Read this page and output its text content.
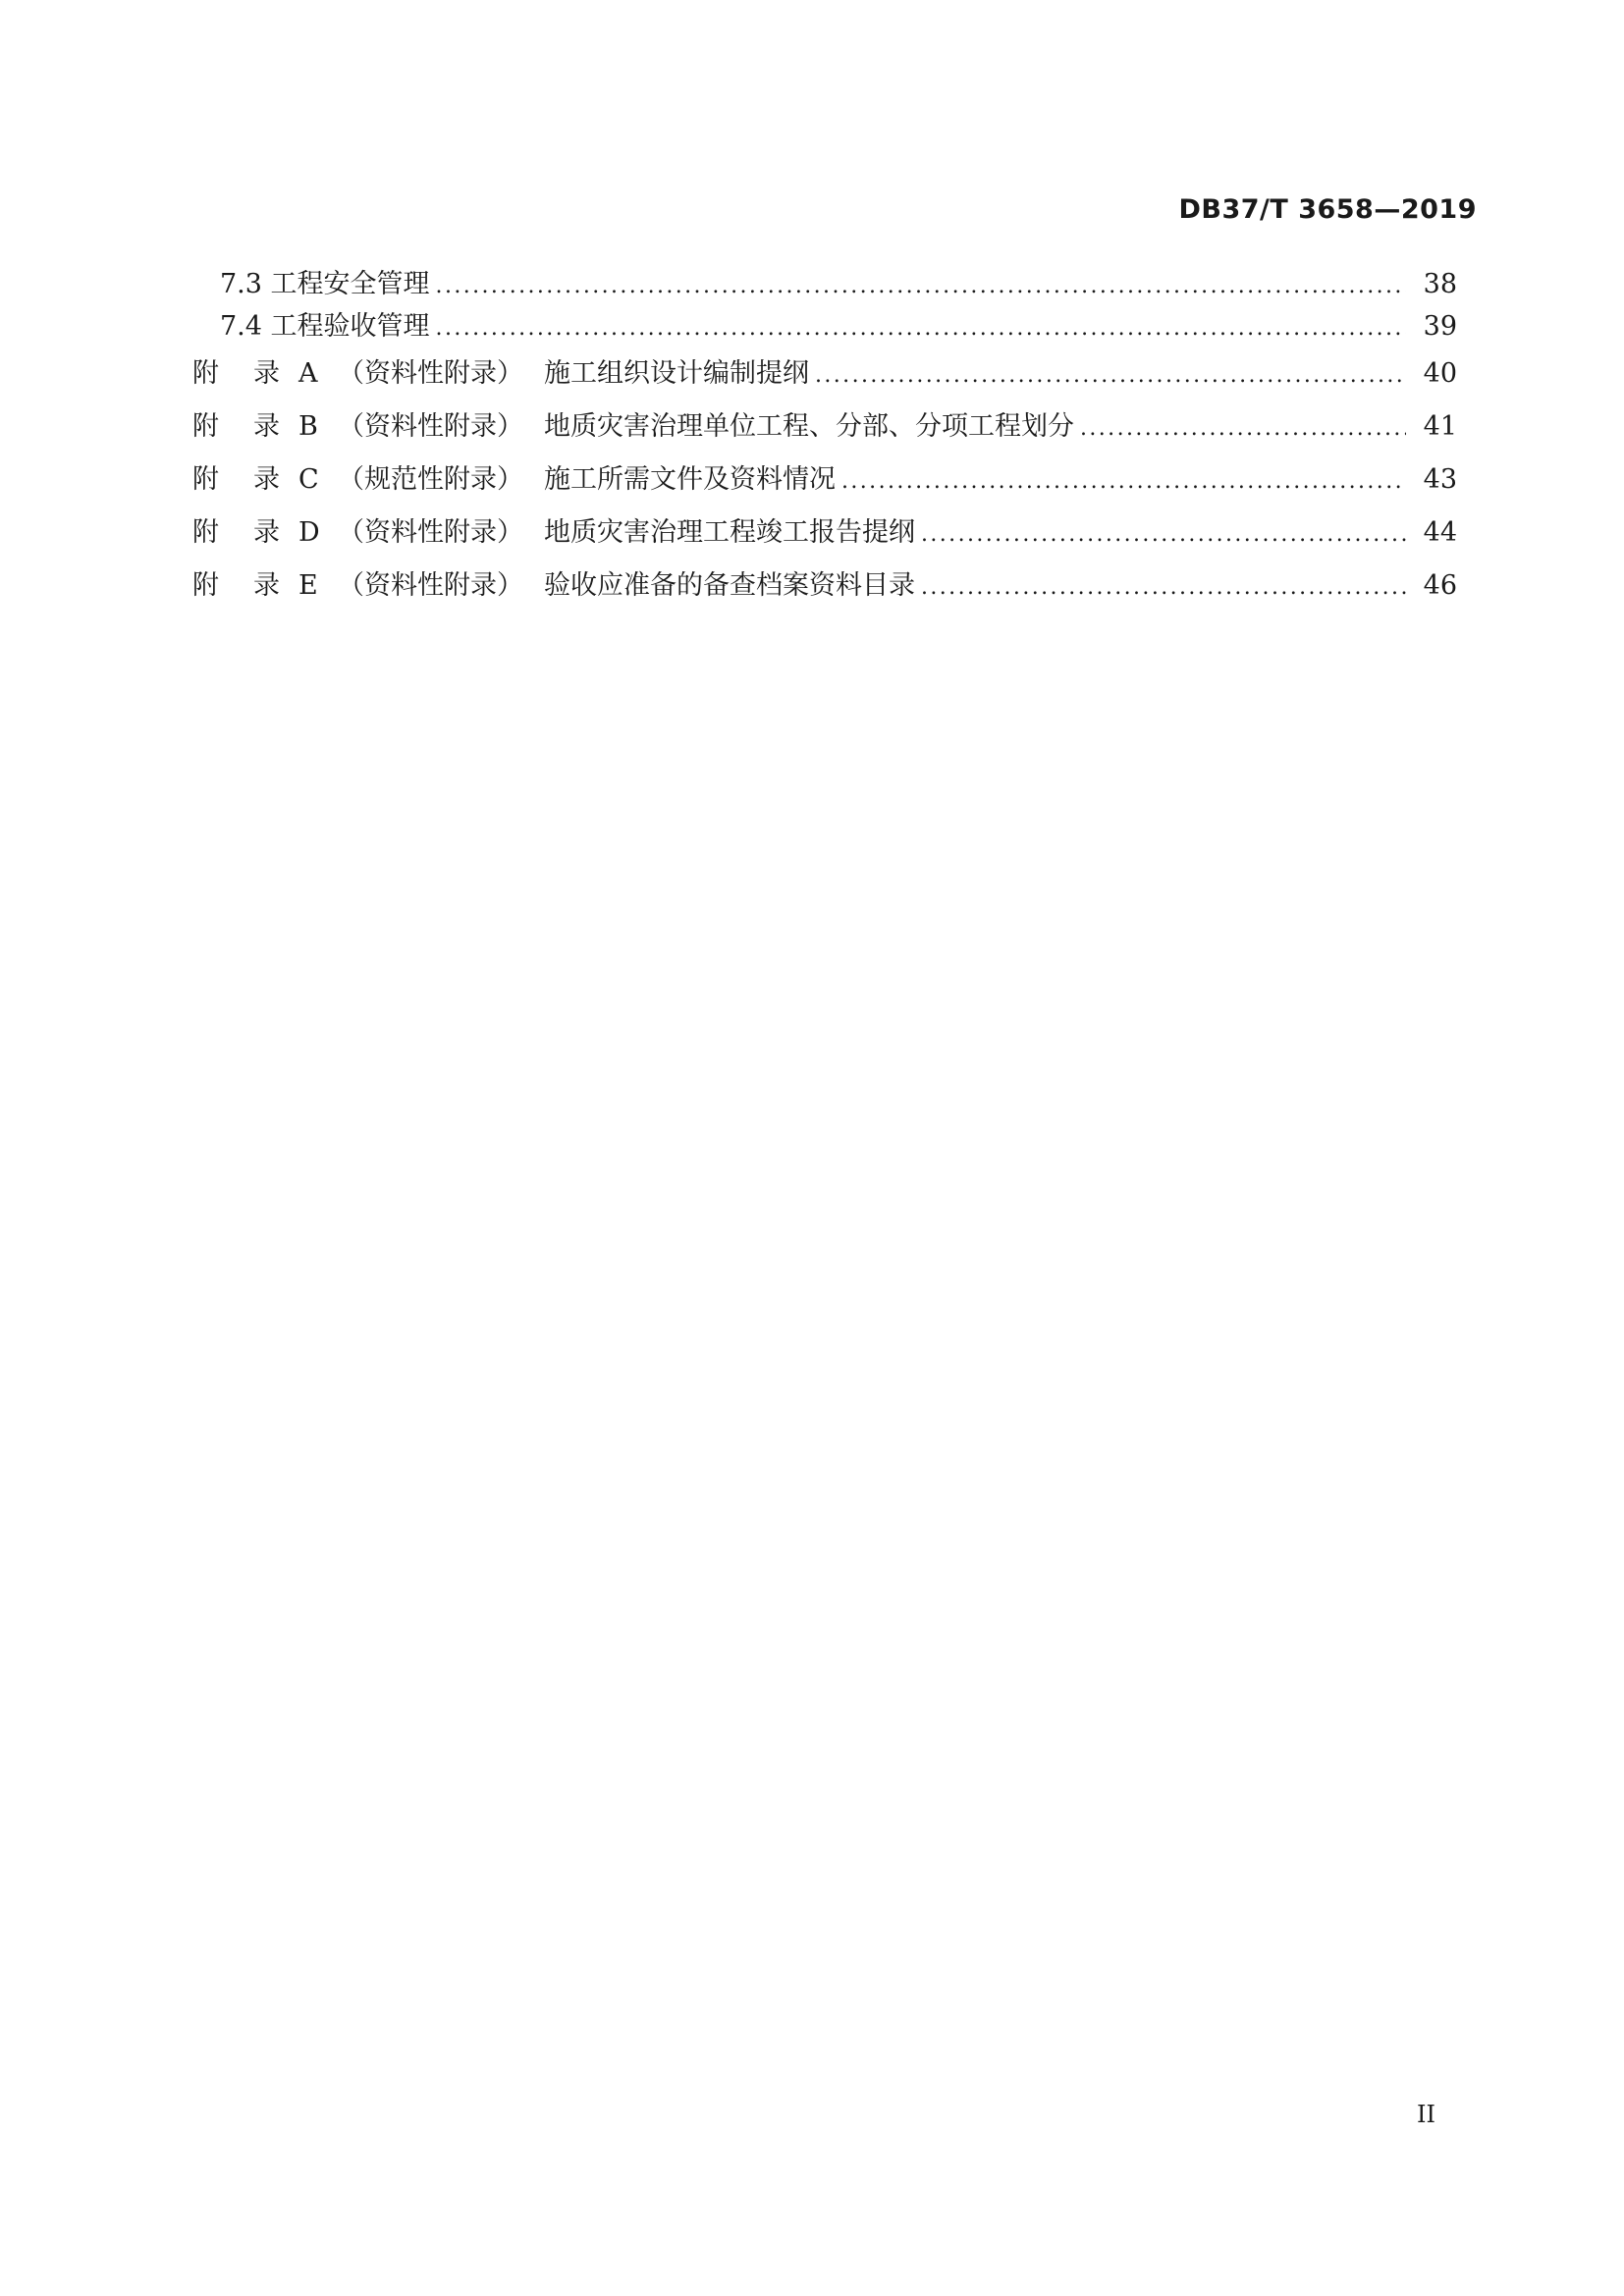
DB37/T 3658—2019
7.3 工程安全管理 .....	38
7.4 工程验收管理 .....	39
附 录 A （资料性附录） 施工组织设计编制提纲 .....	40
附 录 B （资料性附录） 地质灾害治理单位工程、分部、分项工程划分 .....	41
附 录 C （规范性附录） 施工所需文件及资料情况 .....	43
附 录 D （资料性附录） 地质灾害治理工程竣工报告提纲 .....	44
附 录 E （资料性附录） 验收应准备的备查档案资料目录 .....	46
II
